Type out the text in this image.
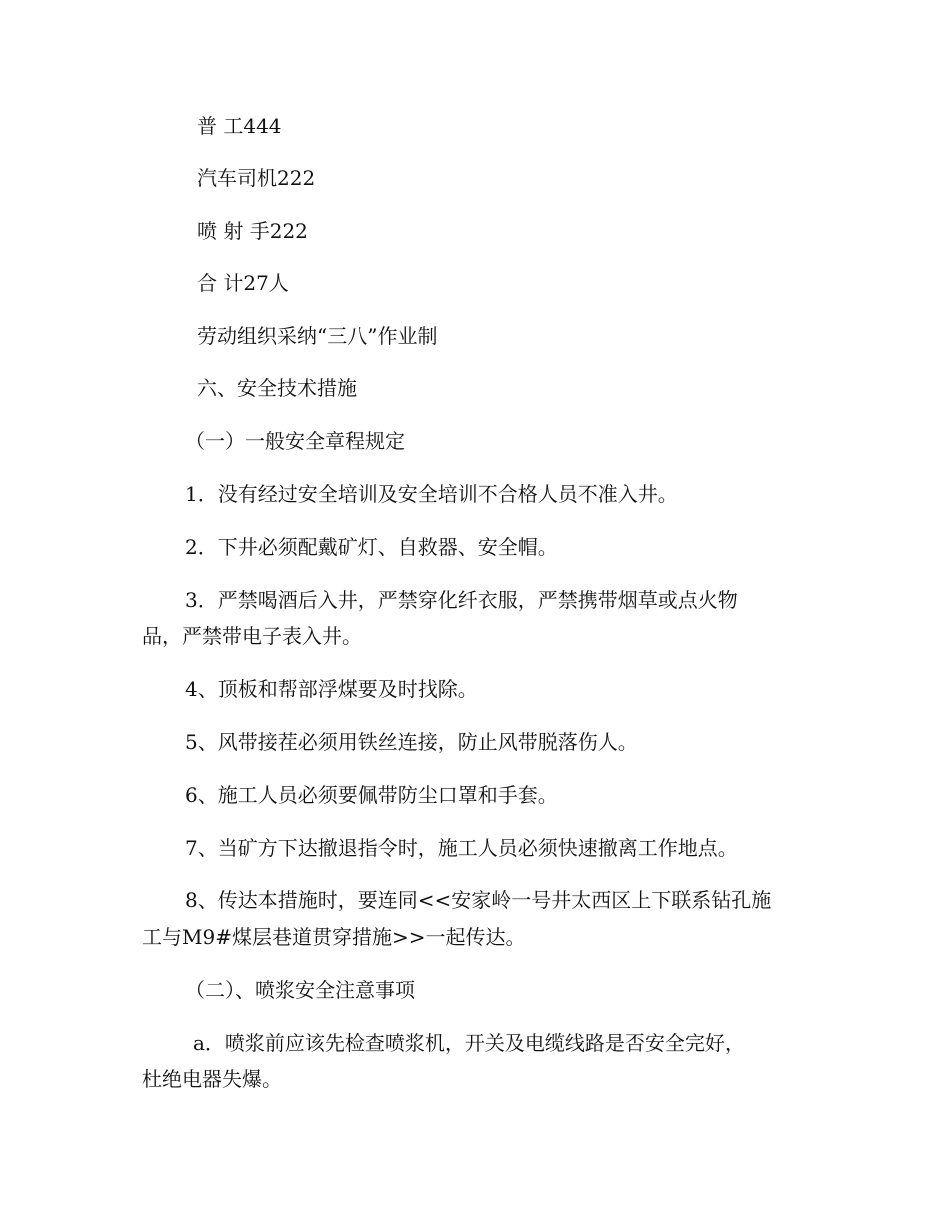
普 工444
汽车司机222
喷 射 手222
合 计27人
劳动组织采纳“三八”作业制
六、安全技术措施
（一）一般安全章程规定
1．没有经过安全培训及安全培训不合格人员不准入井。
2．下井必须配戴矿灯、自救器、安全帽。
3．严禁喝酒后入井，严禁穿化纤衣服，严禁携带烟草或点火物
品，严禁带电子表入井。
4、顶板和帮部浮煤要及时找除。
5、风带接茬必须用铁丝连接，防止风带脱落伤人。
6、施工人员必须要佩带防尘口罩和手套。
7、当矿方下达撤退指令时，施工人员必须快速撤离工作地点。
8、传达本措施时，要连同<<安家岭一号井太西区上下联系钻孔施
工与M9#煤层巷道贯穿措施>>一起传达。
（二）、喷浆安全注意事项
a．喷浆前应该先检查喷浆机，开关及电缆线路是否安全完好，
杜绝电器失爆。
